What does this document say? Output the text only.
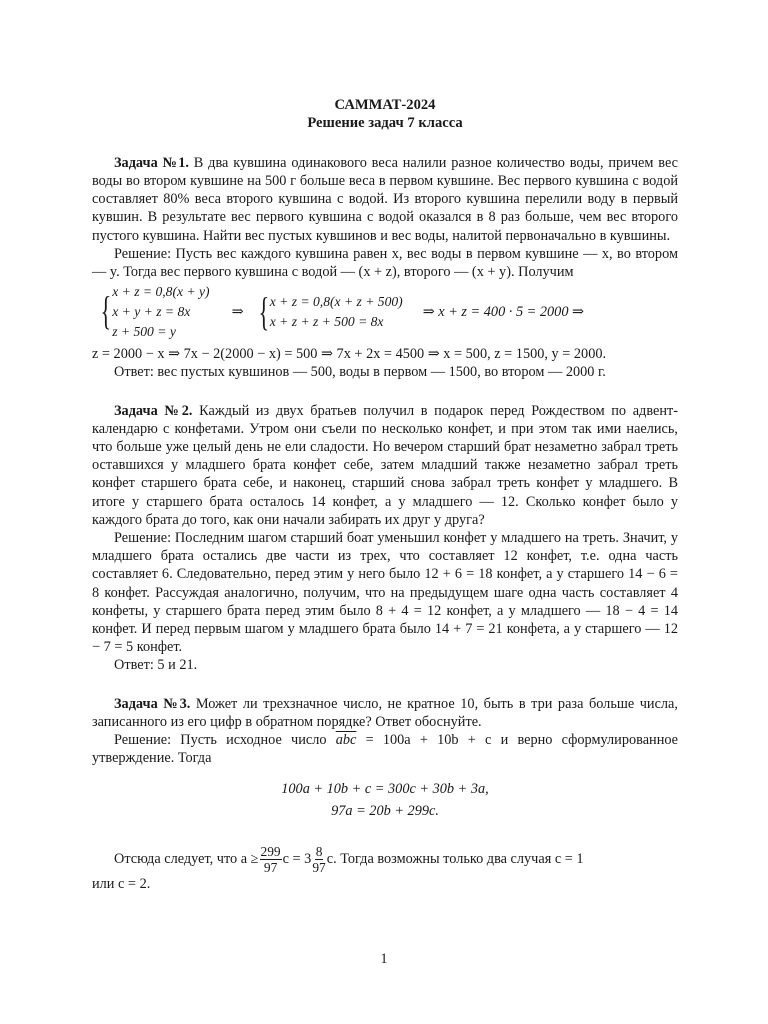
САММАТ-2024
Решение задач 7 класса

Задача №1. В два кувшина одинакового веса налили разное количество воды, причем вес воды во втором кувшине на 500 г больше веса в первом кувшине. Вес первого кувшина с водой составляет 80% веса второго кувшина с водой. Из второго кувшина перелили воду в первый кувшин. В результате вес первого кувшина с водой оказался в 8 раз больше, чем вес второго пустого кувшина. Найти вес пустых кувшинов и вес воды, налитой первоначально в кувшины.

Решение: Пусть вес каждого кувшина равен x, вес воды в первом кувшине — x, во втором — y. Тогда вес первого кувшина с водой — (x + z), второго — (x + y). Получим

{ x + z = 0,8(x + y)
x + y + z = 8x
z + 500 = y
⇒ { x + z = 0,8(x + z + 500)
x + z + z + 500 = 8x
⇒ x + z = 400 · 5 = 2000 ⇒

z = 2000 − x ⇒ 7x − 2(2000 − x) = 500 ⇒ 7x + 2x = 4500 ⇒ x = 500, z = 1500, y = 2000.

Ответ: вес пустых кувшинов — 500, воды в первом — 1500, во втором — 2000 г.

Задача №2. Каждый из двух братьев получил в подарок перед Рождеством по адвент-календарю с конфетами. Утром они съели по несколько конфет, и при этом так ими наелись, что больше уже целый день не ели сладости. Но вечером старший брат незаметно забрал треть оставшихся у младшего брата конфет себе, затем младший также незаметно забрал треть конфет старшего брата себе, и наконец, старший снова забрал треть конфет у младшего. В итоге у старшего брата осталось 14 конфет, а у младшего — 12. Сколько конфет было у каждого брата до того, как они начали забирать их друг у друга?

Решение: Последним шагом старший боат уменьшил конфет у младшего на треть. Значит, у младшего брата остались две части из трех, что составляет 12 конфет, т.е. одна часть составляет 6. Следовательно, перед этим у него было 12 + 6 = 18 конфет, а у старшего 14 − 6 = 8 конфет. Рассуждая аналогично, получим, что на предыдущем шаге одна часть составляет 4 конфеты, у старшего брата перед этим было 8 + 4 = 12 конфет, а у младшего — 18 − 4 = 14 конфет. И перед первым шагом у младшего брата было 14 + 7 = 21 конфета, а у старшего — 12 − 7 = 5 конфет.

Ответ: 5 и 21.

Задача №3. Может ли трехзначное число, не кратное 10, быть в три раза больше числа, записанного из его цифр в обратном порядке? Ответ обоснуйте.

Решение: Пусть исходное число $\overline{abc} = 100a + 10b + c$ и верно сформулированное утверждение. Тогда

100a + 10b + c = 300c + 30b + 3a,
97a = 20b + 299c.

Отсюда следует, что $a \ge \frac{299}{97}$ $c = 3 \frac{8}{97} c$. Тогда возможны только два случая c = 1

или c = 2.

1
